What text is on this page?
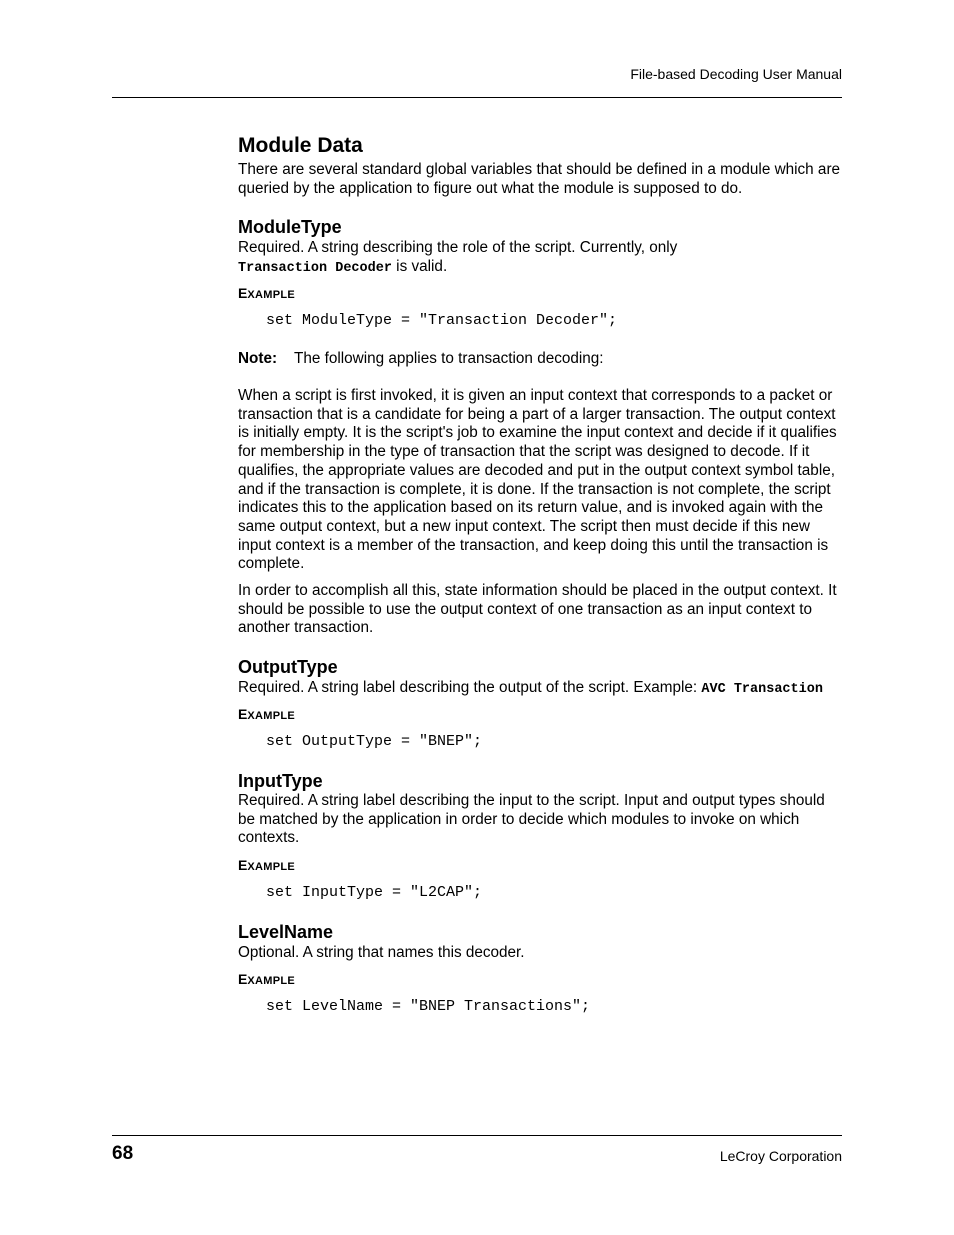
File-based Decoding User Manual
Module Data

There are several standard global variables that should be defined in a module which are queried by the application to figure out what the module is supposed to do.

ModuleType

Required. A string describing the role of the script. Currently, only
Transaction Decoder is valid.

EXAMPLE
set ModuleType = "Transaction Decoder";
Note: The following applies to transaction decoding:

When a script is first invoked, it is given an input context that corresponds to a packet or transaction that is a candidate for being a part of a larger transaction. The output context is initially empty. It is the script's job to examine the input context and decide if it qualifies for membership in the type of transaction that the script was designed to decode. If it qualifies, the appropriate values are decoded and put in the output context symbol table, and if the transaction is complete, it is done. If the transaction is not complete, the script indicates this to the application based on its return value, and is invoked again with the same output context, but a new input context. The script then must decide if this new input context is a member of the transaction, and keep doing this until the transaction is complete.

In order to accomplish all this, state information should be placed in the output context. It should be possible to use the output context of one transaction as an input context to another transaction.

OutputType

Required. A string label describing the output of the script. Example: AVC Transaction

EXAMPLE
set OutputType = "BNEP";
InputType

Required. A string label describing the input to the script. Input and output types should be matched by the application in order to decide which modules to invoke on which contexts.

EXAMPLE
set InputType = "L2CAP";
LevelName

Optional. A string that names this decoder.

EXAMPLE
set LevelName = "BNEP Transactions";
68	LeCroy Corporation
